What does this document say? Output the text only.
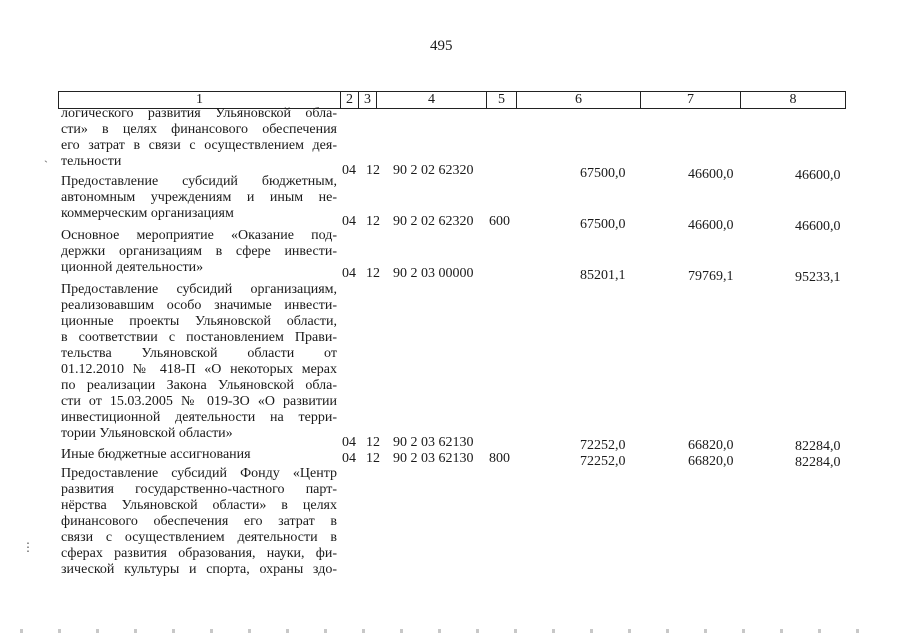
495
1	2 3	4	5	6	7	8
логического развития Ульяновской обла-
сти» в целях финансового обеспечения
его затрат в связи с осуществлением дея-
тельности
04 12 90 2 02 62320	67500,0	46600,0	46600,0
Предоставление субсидий бюджетным,
автономным учреждениям и иным не-
коммерческим организациям
04 12 90 2 02 62320 600	67500,0	46600,0	46600,0
Основное мероприятие «Оказание под-
держки организациям в сфере инвести-
ционной деятельности»	04 12 90 2 03 00000	85201,1	79769,1	95233,1
Предоставление субсидий организациям,
реализовавшим особо значимые инвести-
ционные проекты Ульяновской области,
в соответствии с постановлением Прави-
тельства Ульяновской области от
01.12.2010 № 418-П «О некоторых мерах
по реализации Закона Ульяновской обла-
сти от 15.03.2005 № 019-ЗО «О развитии
инвестиционной деятельности на терри-
тории Ульяновской области»
04 12 90 2 03 62130	72252,0	66820,0	82284,0
Иные бюджетные ассигнования	04 12 90 2 03 62130 800	72252,0	66820,0	82284,0
Предоставление субсидий Фонду «Центр
развития государственно-частного парт-
нёрства Ульяновской области» в целях
финансового обеспечения его затрат в
связи с осуществлением деятельности в
сферах развития образования, науки, фи-
зической культуры и спорта, охраны здо-
ˋ
⋮
